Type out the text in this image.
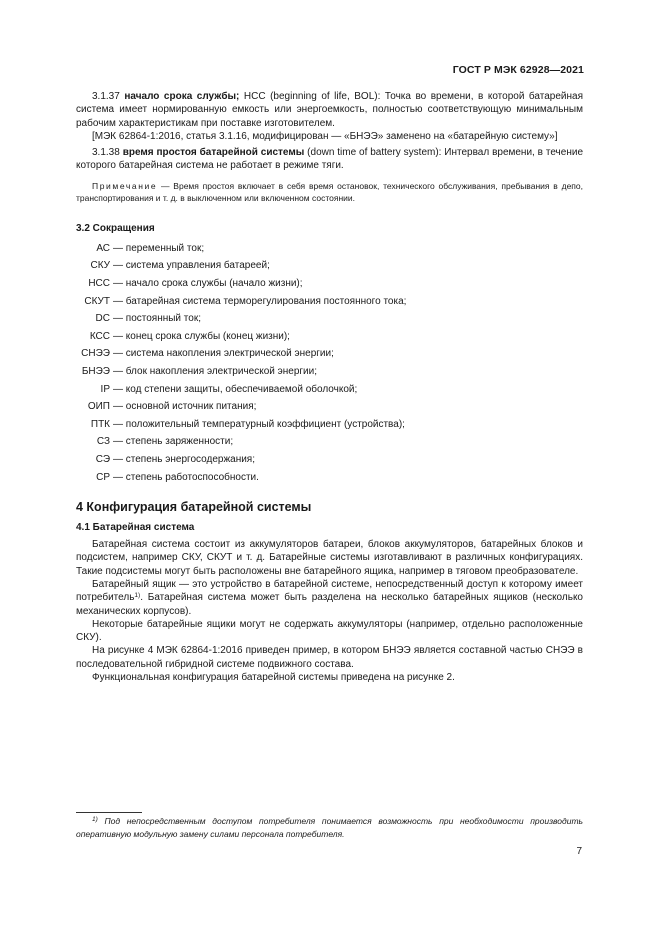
ГОСТ Р МЭК 62928—2021

3.1.37 начало срока службы; НСС (beginning of life, BOL): Точка во времени, в которой батарейная система имеет нормированную емкость или энергоемкость, полностью соответствующую минимальным рабочим характеристикам при поставке изготовителем.

[МЭК 62864-1:2016, статья 3.1.16, модифицирован — «БНЭЭ» заменено на «батарейную систему»]

3.1.38 время простоя батарейной системы (down time of battery system): Интервал времени, в течение которого батарейная система не работает в режиме тяги.

Примечание — Время простоя включает в себя время остановок, технического обслуживания, пребывания в депо, транспортирования и т. д. в выключенном или включенном состоянии.

3.2 Сокращения

АС — переменный ток;
СКУ — система управления батареей;
НСС — начало срока службы (начало жизни);
СКУТ — батарейная система терморегулирования постоянного тока;
DC — постоянный ток;
КСС — конец срока службы (конец жизни);
СНЭЭ — система накопления электрической энергии;
БНЭЭ — блок накопления электрической энергии;
IP — код степени защиты, обеспечиваемой оболочкой;
ОИП — основной источник питания;
ПТК — положительный температурный коэффициент (устройства);
СЗ — степень заряженности;
СЭ — степень энергосодержания;
СР — степень работоспособности.

4 Конфигурация батарейной системы

4.1 Батарейная система

Батарейная система состоит из аккумуляторов батареи, блоков аккумуляторов, батарейных блоков и подсистем, например СКУ, СКУТ и т. д. Батарейные системы изготавливают в различных конфигурациях. Такие подсистемы могут быть расположены вне батарейного ящика, например в тяговом преобразователе.

Батарейный ящик — это устройство в батарейной системе, непосредственный доступ к которому имеет потребитель$^{1)}$. Батарейная система может быть разделена на несколько батарейных ящиков (несколько механических корпусов).

Некоторые батарейные ящики могут не содержать аккумуляторы (например, отдельно расположенные СКУ).

На рисунке 4 МЭК 62864-1:2016 приведен пример, в котором БНЭЭ является составной частью СНЭЭ в последовательной гибридной системе подвижного состава.

Функциональная конфигурация батарейной системы приведена на рисунке 2.

$^{1)}$ Под непосредственным доступом потребителя понимается возможность при необходимости производить оперативную модульную замену силами персонала потребителя.
7
